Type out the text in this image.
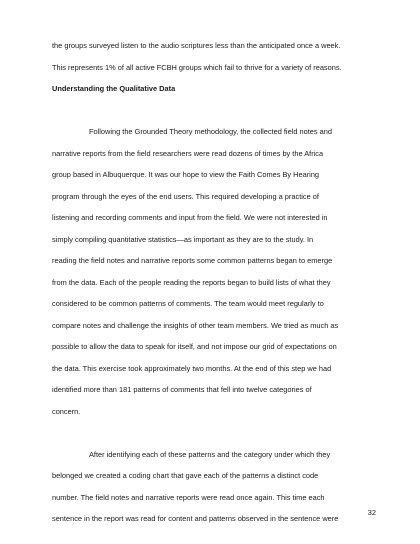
the groups surveyed listen to the audio scriptures less than the anticipated once a week.

This represents 1% of all active FCBH groups which fail to thrive for a variety of reasons.

Understanding the Qualitative Data

Following the Grounded Theory methodology, the collected field notes and

narrative reports from the field researchers were read dozens of times by the Africa

group based in Albuquerque. It was our hope to view the Faith Comes By Hearing

program through the eyes of the end users. This required developing a practice of

listening and recording comments and input from the field. We were not interested in

simply compiling quantitative statistics—as important as they are to the study. In

reading the field notes and narrative reports some common patterns began to emerge

from the data. Each of the people reading the reports began to build lists of what they

considered to be common patterns of comments. The team would meet regularly to

compare notes and challenge the insights of other team members. We tried as much as

possible to allow the data to speak for itself, and not impose our grid of expectations on

the data. This exercise took approximately two months. At the end of this step we had

identified more than 181 patterns of comments that fell into twelve categories of

concern.

After identifying each of these patterns and the category under which they

belonged we created a coding chart that gave each of the patterns a distinct code

number. The field notes and narrative reports were read once again. This time each

sentence in the report was read for content and patterns observed in the sentence were

32
